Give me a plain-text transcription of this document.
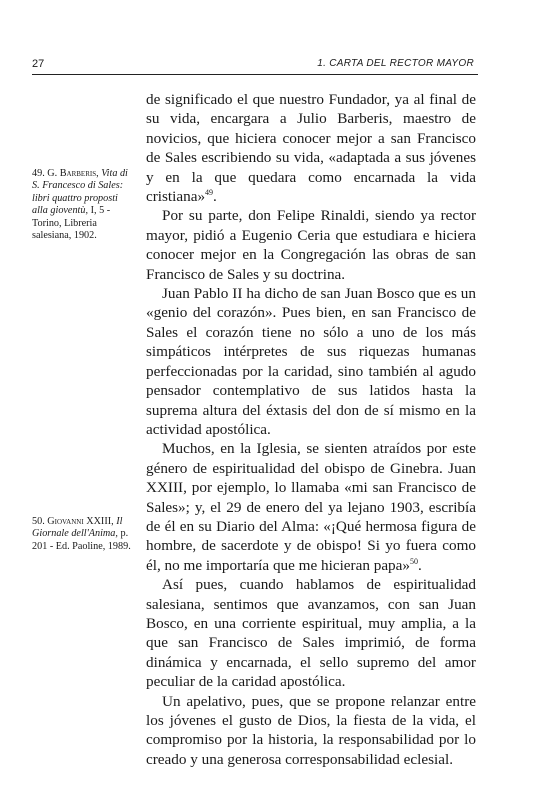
27	1. CARTA DEL RECTOR MAYOR
49. G. Barberis, Vita di S. Francesco di Sales: libri quattro proposti alla gioventù, I, 5 - Torino, Libreria salesiana, 1902.
50. Giovanni XXIII, Il Giornale dell'Anima, p. 201 - Ed. Paoline, 1989.

de significado el que nuestro Fundador, ya al final de su vida, encargara a Julio Barberis, maestro de novicios, que hiciera conocer mejor a san Francisco de Sales escribiendo su vida, «adaptada a sus jóvenes y en la que quedara como encarnada la vida cristiana»$^{49}$.

Por su parte, don Felipe Rinaldi, siendo ya rector mayor, pidió a Eugenio Ceria que estudiara e hiciera conocer mejor en la Congregación las obras de san Francisco de Sales y su doctrina.

Juan Pablo II ha dicho de san Juan Bosco que es un «genio del corazón». Pues bien, en san Francisco de Sales el corazón tiene no sólo a uno de los más simpáticos intérpretes de sus riquezas humanas perfeccionadas por la caridad, sino también al agudo pensador contemplativo de sus latidos hasta la suprema altura del éxtasis del don de sí mismo en la actividad apostólica.

Muchos, en la Iglesia, se sienten atraídos por este género de espiritualidad del obispo de Ginebra. Juan XXIII, por ejemplo, lo llamaba «mi san Francisco de Sales»; y, el 29 de enero del ya lejano 1903, escribía de él en su Diario del Alma: «¡Qué hermosa figura de hombre, de sacerdote y de obispo! Si yo fuera como él, no me importaría que me hicieran papa»$^{50}$.

Así pues, cuando hablamos de espiritualidad salesiana, sentimos que avanzamos, con san Juan Bosco, en una corriente espiritual, muy amplia, a la que san Francisco de Sales imprimió, de forma dinámica y encarnada, el sello supremo del amor peculiar de la caridad apostólica.

Un apelativo, pues, que se propone relanzar entre los jóvenes el gusto de Dios, la fiesta de la vida, el compromiso por la historia, la responsabilidad por lo creado y una generosa corresponsabilidad eclesial.
